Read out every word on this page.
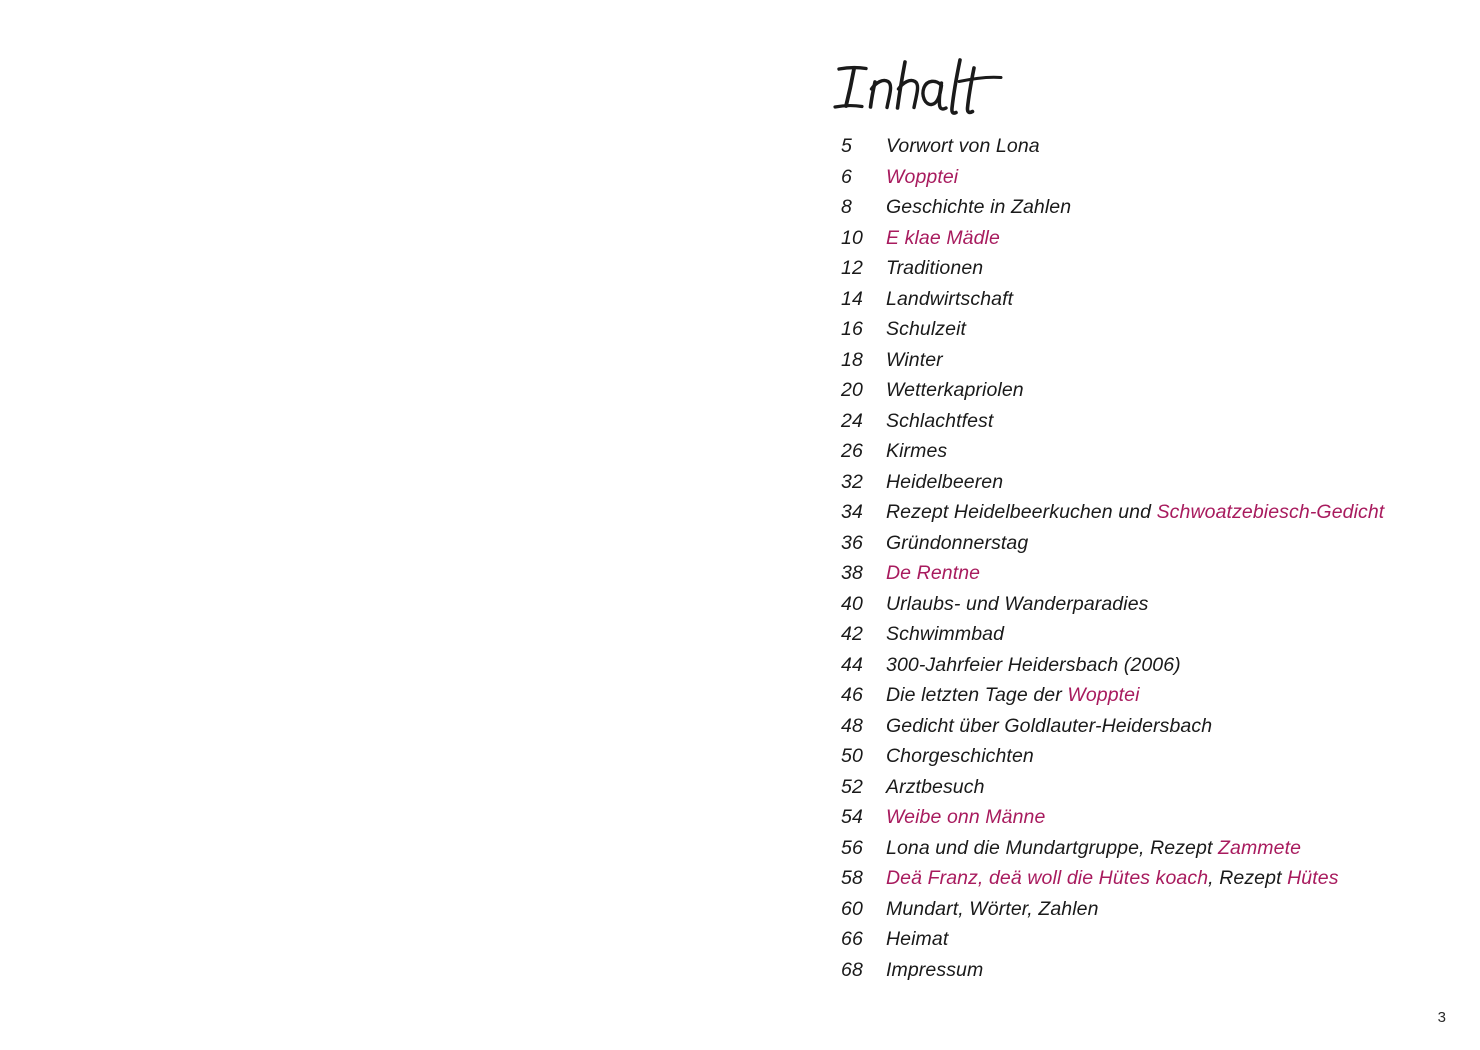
5	Vorwort von Lona
6	Wopptei
8	Geschichte in Zahlen
10	E klae Mädle
12	Traditionen
14	Landwirtschaft
16	Schulzeit
18	Winter
20	Wetterkapriolen
24	Schlachtfest
26	Kirmes
32	Heidelbeeren
34	Rezept Heidelbeerkuchen und Schwoatzebiesch-Gedicht
36	Gründonnerstag
38	De Rentne
40	Urlaubs- und Wanderparadies
42	Schwimmbad
44	300-Jahrfeier Heidersbach (2006)
46	Die letzten Tage der Wopptei
48	Gedicht über Goldlauter-Heidersbach
50	Chorgeschichten
52	Arztbesuch
54	Weibe onn Männe
56	Lona und die Mundartgruppe, Rezept Zammete
58	Deä Franz, deä woll die Hütes koach, Rezept Hütes
60	Mundart, Wörter, Zahlen
66	Heimat
68	Impressum
3
